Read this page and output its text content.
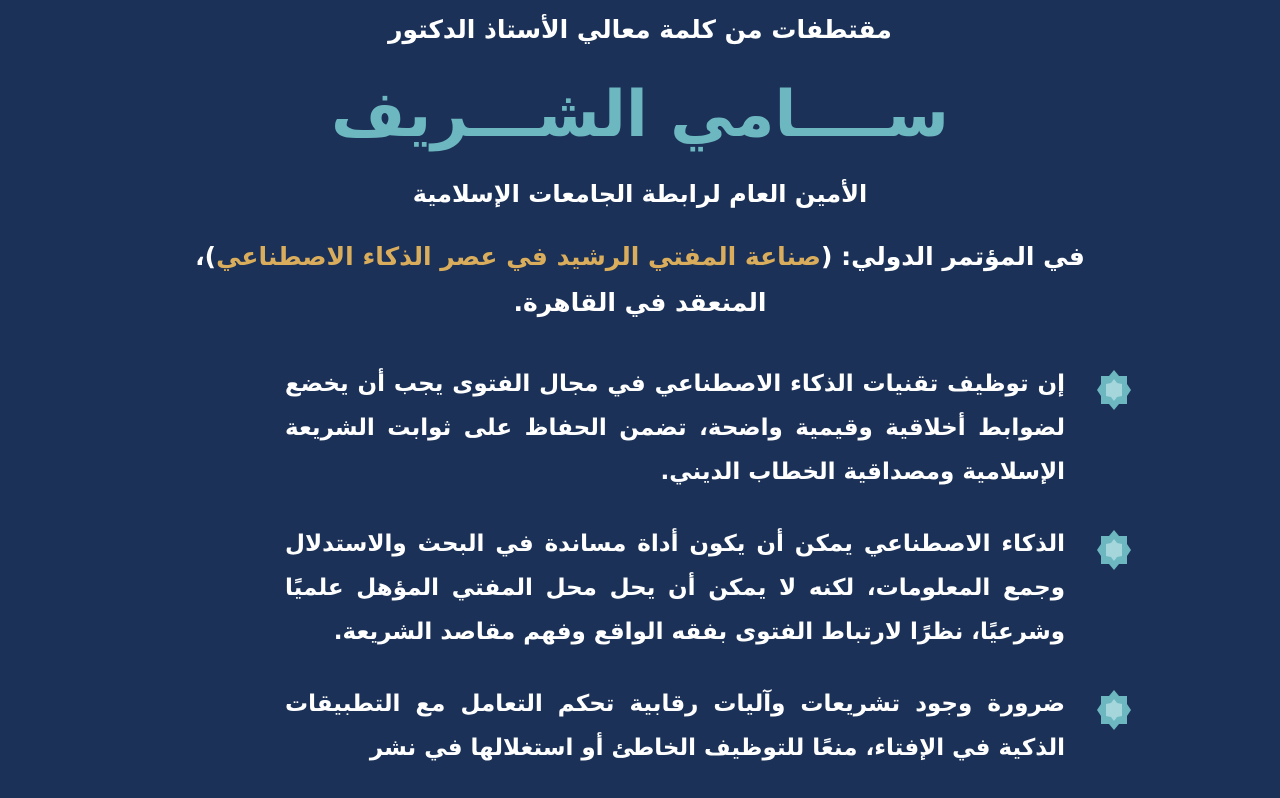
مقتطفات من كلمة معالي الأستاذ الدكتور
ســــامي الشـــريف
الأمين العام لرابطة الجامعات الإسلامية
في المؤتمر الدولي: (صناعة المفتي الرشيد في عصر الذكاء الاصطناعي)،
المنعقد في القاهرة.
إن توظيف تقنيات الذكاء الاصطناعي في مجال الفتوى يجب أن يخضع لضوابط أخلاقية وقيمية واضحة، تضمن الحفاظ على ثوابت الشريعة الإسلامية ومصداقية الخطاب الديني.
الذكاء الاصطناعي يمكن أن يكون أداة مساندة في البحث والاستدلال وجمع المعلومات، لكنه لا يمكن أن يحل محل المفتي المؤهل علميًا وشرعيًا، نظرًا لارتباط الفتوى بفقه الواقع وفهم مقاصد الشريعة.
ضرورة وجود تشريعات وآليات رقابية تحكم التعامل مع التطبيقات الذكية في الإفتاء، منعًا للتوظيف الخاطئ أو استغلالها في نشر
